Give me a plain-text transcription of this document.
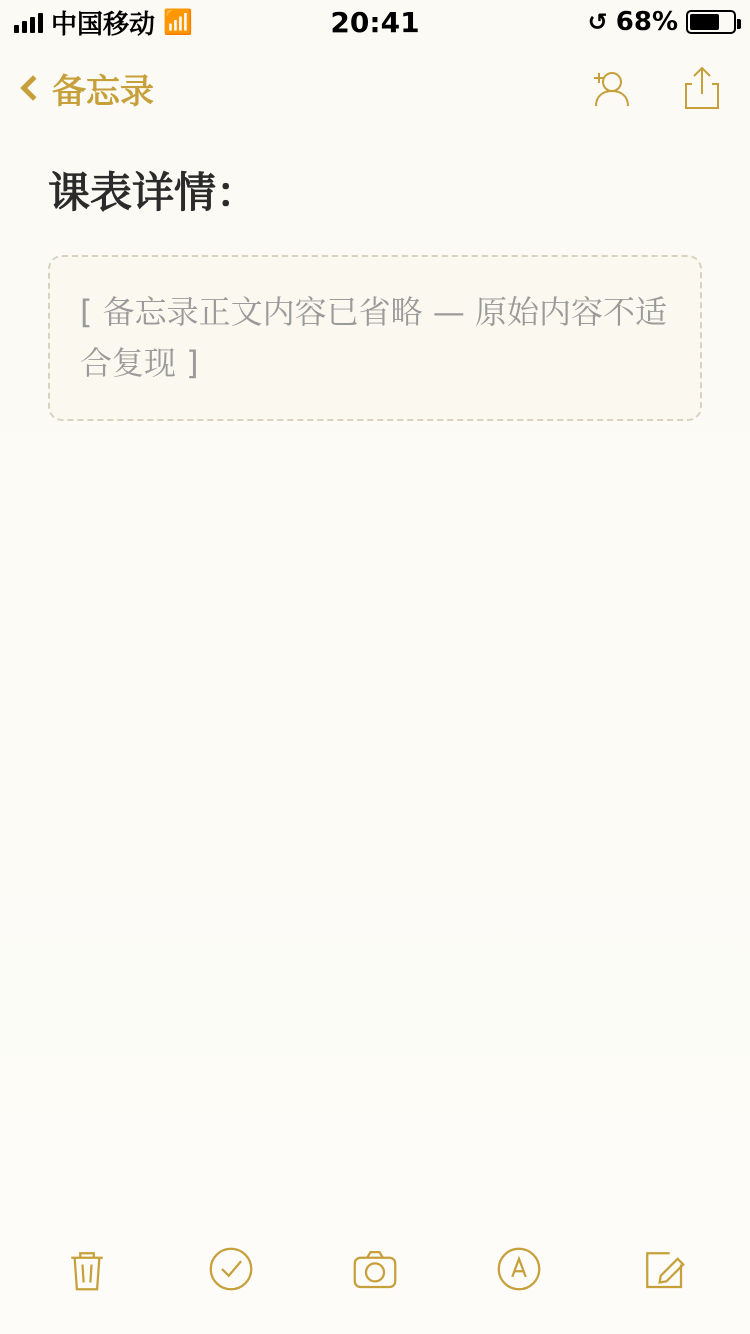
中国移动 📶	20:41	↺ 68%
备忘录
课表详情：
[ 备忘录正文内容已省略 — 原始内容不适合复现 ]
